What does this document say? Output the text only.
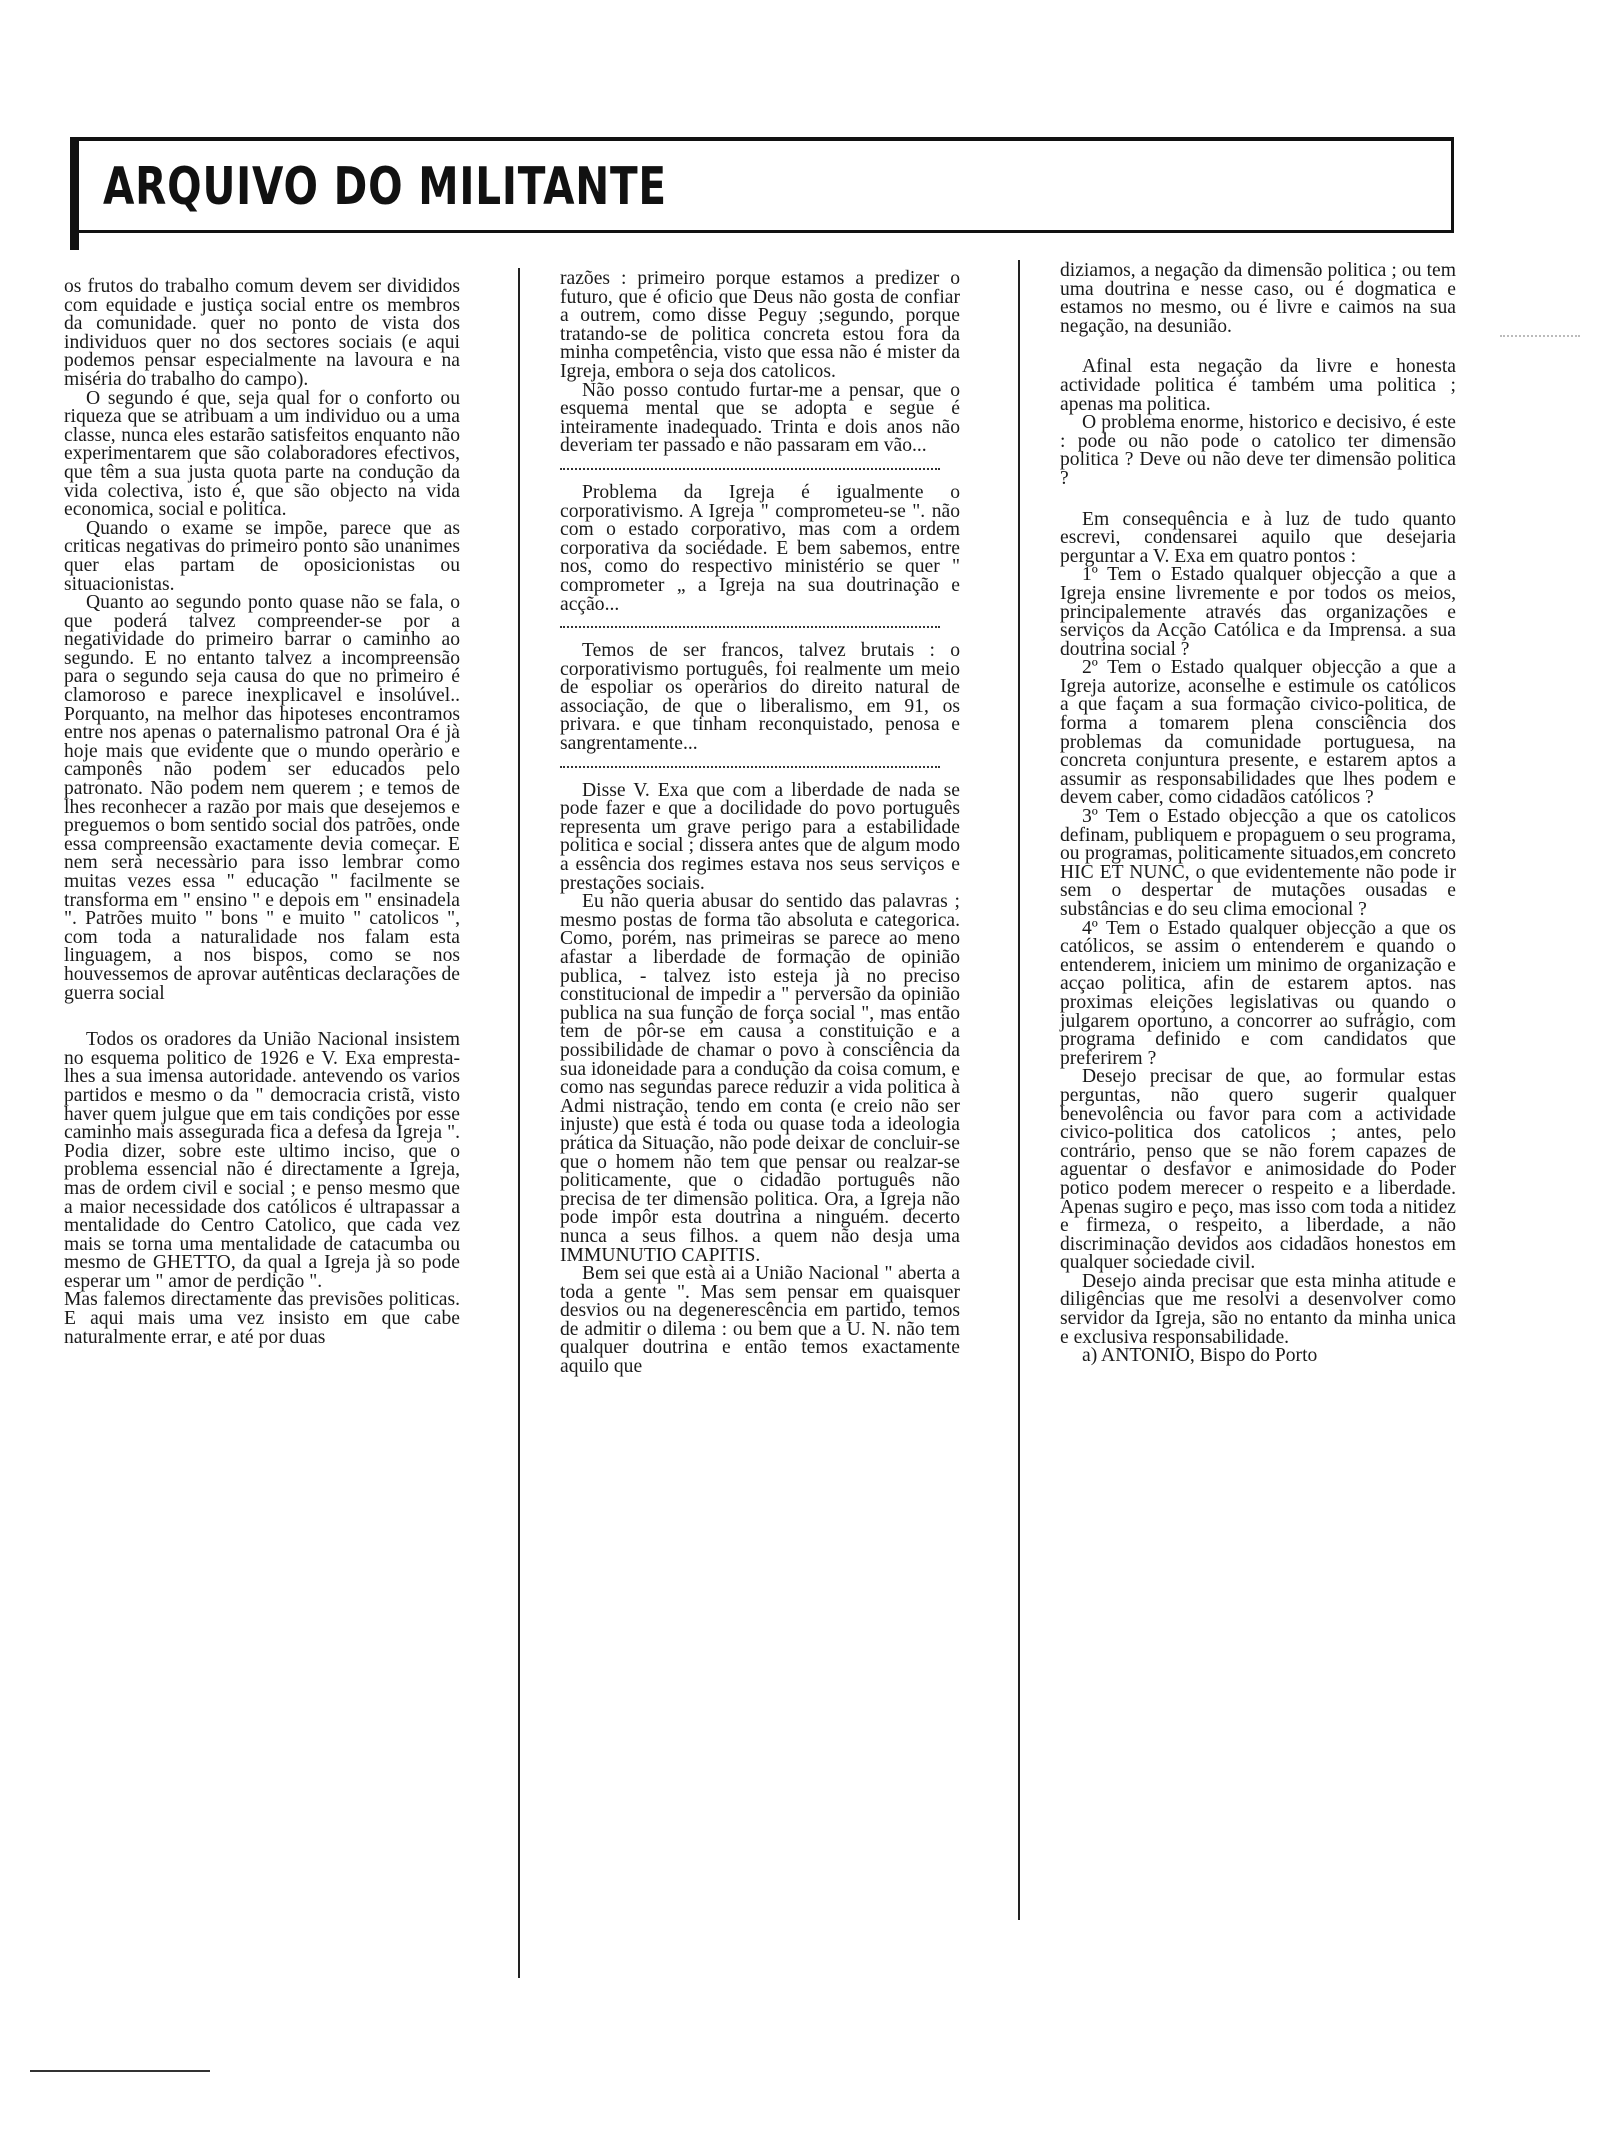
ARQUIVO DO MILITANTE

os frutos do trabalho comum devem ser divididos com equidade e justiça social entre os membros da comunidade. quer no ponto de vista dos individuos quer no dos sectores sociais (e aqui podemos pensar especialmente na lavoura e na miséria do trabalho do campo).

O segundo é que, seja qual for o conforto ou riqueza que se atribuam a um individuo ou a uma classe, nunca eles estarão satisfeitos enquanto não experimentarem que são colaboradores efectivos, que têm a sua justa quota parte na condução da vida colectiva, isto é, que são objecto na vida economica, social e politica.

Quando o exame se impõe, parece que as criticas negativas do primeiro ponto são unanimes quer elas partam de oposicionistas ou situacionistas.

Quanto ao segundo ponto quase não se fala, o que poderá talvez compreender-se por a negatividade do primeiro barrar o caminho ao segundo. E no entanto talvez a incompreensão para o segundo seja causa do que no primeiro é clamoroso e parece inexplicavel e insolúvel.. Porquanto, na melhor das hipoteses encontramos entre nos apenas o paternalismo patronal Ora é jà hoje mais que evidente que o mundo operàrio e camponês não podem ser educados pelo patronato. Não podem nem querem ; e temos de lhes reconhecer a razão por mais que desejemos e preguemos o bom sentido social dos patrões, onde essa compreensão exactamente devia começar. E nem serà necessàrio para isso lembrar como muitas vezes essa " educação " facilmente se transforma em " ensino " e depois em " ensinadela ". Patrões muito " bons " e muito " catolicos ", com toda a naturalidade nos falam esta linguagem, a nos bispos, como se nos houvessemos de aprovar autênticas declarações de guerra social

Todos os oradores da União Nacional insistem no esquema politico de 1926 e V. Exa empresta-lhes a sua imensa autoridade. antevendo os varios partidos e mesmo o da " democracia cristã, visto haver quem julgue que em tais condições por esse caminho mais assegurada fica a defesa da Igreja ". Podia dizer, sobre este ultimo inciso, que o problema essencial não é directamente a Igreja, mas de ordem civil e social ; e penso mesmo que a maior necessidade dos católicos é ultrapassar a mentalidade do Centro Catolico, que cada vez mais se torna uma mentalidade de catacumba ou mesmo de GHETTO, da qual a Igreja jà so pode esperar um " amor de perdição ".

Mas falemos directamente das previsões politicas. E aqui mais uma vez insisto em que cabe naturalmente errar, e até por duas

razões : primeiro porque estamos a predizer o futuro, que é oficio que Deus não gosta de confiar a outrem, como disse Peguy ;segundo, porque tratando-se de politica concreta estou fora da minha competência, visto que essa não é mister da Igreja, embora o seja dos catolicos.

Não posso contudo furtar-me a pensar, que o esquema mental que se adopta e segue é inteiramente inadequado. Trinta e dois anos não deveriam ter passado e não passaram em vão...

Problema da Igreja é igualmente o corporativismo. A Igreja " comprometeu-se ". não com o estado corporativo, mas com a ordem corporativa da sociédade. E bem sabemos, entre nos, como do respectivo ministério se quer " comprometer „ a Igreja na sua doutrinação e acção...

Temos de ser francos, talvez brutais : o corporativismo português, foi realmente um meio de espoliar os operàrios do direito natural de associação, de que o liberalismo, em 91, os privara. e que tinham reconquistado, penosa e sangrentamente...

Disse V. Exa que com a liberdade de nada se pode fazer e que a docilidade do povo português representa um grave perigo para a estabilidade politica e social ; dissera antes que de algum modo a essência dos regimes estava nos seus serviços e prestações sociais.

Eu não queria abusar do sentido das palavras ; mesmo postas de forma tão absoluta e categorica. Como, porém, nas primeiras se parece ao meno afastar a liberdade de formação de opinião publica, - talvez isto esteja jà no preciso constitucional de impedir a " perversão da opinião publica na sua função de força social ", mas então tem de pôr-se em causa a constituição e a possibilidade de chamar o povo à consciência da sua idoneidade para a condução da coisa comum, e como nas segundas parece reduzir a vida politica à Admi nistração, tendo em conta (e creio não ser injuste) que està é toda ou quase toda a ideologia prática da Situação, não pode deixar de concluir-se que o homem não tem que pensar ou realzar-se politicamente, que o cidadão português não precisa de ter dimensão politica. Ora, a Igreja não pode impôr esta doutrina a ninguém. decerto nunca a seus filhos. a quem não desja uma IMMUNUTIO CAPITIS.

Bem sei que està ai a União Nacional " aberta a toda a gente ". Mas sem pensar em quaisquer desvios ou na degenerescência em partido, temos de admitir o dilema : ou bem que a U. N. não tem qualquer doutrina e então temos exactamente aquilo que

diziamos, a negação da dimensão politica ; ou tem uma doutrina e nesse caso, ou é dogmatica e estamos no mesmo, ou é livre e caimos na sua negação, na desunião.

Afinal esta negação da livre e honesta actividade politica é também uma politica ; apenas ma politica.

O problema enorme, historico e decisivo, é este : pode ou não pode o catolico ter dimensão politica ? Deve ou não deve ter dimensão politica ?

Em consequência e à luz de tudo quanto escrevi, condensarei aquilo que desejaria perguntar a V. Exa em quatro pontos :

1º Tem o Estado qualquer objecção a que a Igreja ensine livremente e por todos os meios, principalemente através das organizações e serviços da Acção Católica e da Imprensa. a sua doutrina social ?

2º Tem o Estado qualquer objecção a que a Igreja autorize, aconselhe e estimule os católicos a que façam a sua formação civico-politica, de forma a tomarem plena consciência dos problemas da comunidade portuguesa, na concreta conjuntura presente, e estarem aptos a assumir as responsabilidades que lhes podem e devem caber, como cidadãos católicos ?

3º Tem o Estado objecção a que os catolicos definam, publiquem e propaguem o seu programa, ou programas, politicamente situados,em concreto HIC ET NUNC, o que evidentemente não pode ir sem o despertar de mutações ousadas e substâncias e do seu clima emocional ?

4º Tem o Estado qualquer objecção a que os católicos, se assim o entenderem e quando o entenderem, iniciem um minimo de organização e acçao politica, afin de estarem aptos. nas proximas eleições legislativas ou quando o julgarem oportuno, a concorrer ao sufrágio, com programa definido e com candidatos que preferirem ?

Desejo precisar de que, ao formular estas perguntas, não quero sugerir qualquer benevolência ou favor para com a actividade civico-politica dos catolicos ; antes, pelo contrário, penso que se não forem capazes de aguentar o desfavor e animosidade do Poder potico podem merecer o respeito e a liberdade. Apenas sugiro e peço, mas isso com toda a nitidez e firmeza, o respeito, a liberdade, a não discriminação devidos aos cidadãos honestos em qualquer sociedade civil.

Desejo ainda precisar que esta minha atitude e diligências que me resolvi a desenvolver como servidor da Igreja, são no entanto da minha unica e exclusiva responsabilidade.

a) ANTONIO, Bispo do Porto
